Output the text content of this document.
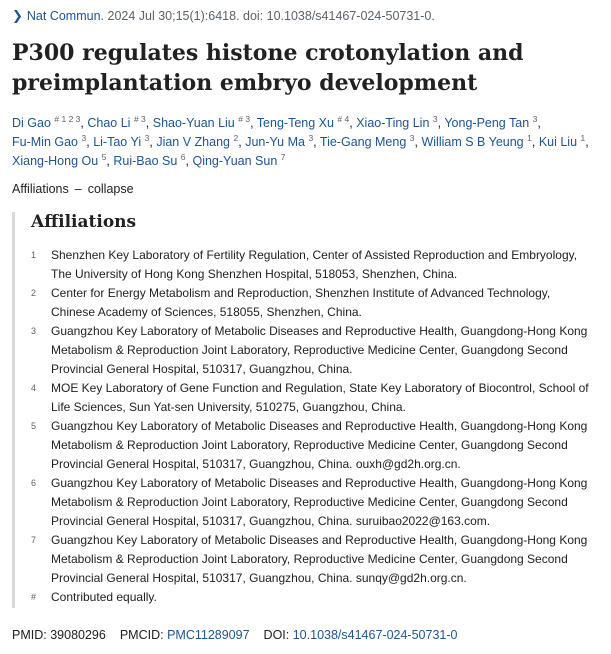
❯ Nat Commun. 2024 Jul 30;15(1):6418. doi: 10.1038/s41467-024-50731-0.
P300 regulates histone crotonylation and preimplantation embryo development
Di Gao $^{\# 1 2 3}$, Chao Li $^{\# 3}$, Shao-Yuan Liu $^{\# 3}$, Teng-Teng Xu $^{\# 4}$, Xiao-Ting Lin $^3$, Yong-Peng Tan $^3$, Fu-Min Gao $^3$, Li-Tao Yi $^3$, Jian V Zhang $^2$, Jun-Yu Ma $^3$, Tie-Gang Meng $^3$, William S B Yeung $^1$, Kui Liu $^1$, Xiang-Hong Ou $^5$, Rui-Bao Su $^6$, Qing-Yuan Sun $^7$
Affiliations – collapse
Affiliations
1	Shenzhen Key Laboratory of Fertility Regulation, Center of Assisted Reproduction and Embryology, The University of Hong Kong Shenzhen Hospital, 518053, Shenzhen, China.
2	Center for Energy Metabolism and Reproduction, Shenzhen Institute of Advanced Technology, Chinese Academy of Sciences, 518055, Shenzhen, China.
3	Guangzhou Key Laboratory of Metabolic Diseases and Reproductive Health, Guangdong-Hong Kong Metabolism & Reproduction Joint Laboratory, Reproductive Medicine Center, Guangdong Second Provincial General Hospital, 510317, Guangzhou, China.
4	MOE Key Laboratory of Gene Function and Regulation, State Key Laboratory of Biocontrol, School of Life Sciences, Sun Yat-sen University, 510275, Guangzhou, China.
5	Guangzhou Key Laboratory of Metabolic Diseases and Reproductive Health, Guangdong-Hong Kong Metabolism & Reproduction Joint Laboratory, Reproductive Medicine Center, Guangdong Second Provincial General Hospital, 510317, Guangzhou, China. ouxh@gd2h.org.cn.
6	Guangzhou Key Laboratory of Metabolic Diseases and Reproductive Health, Guangdong-Hong Kong Metabolism & Reproduction Joint Laboratory, Reproductive Medicine Center, Guangdong Second Provincial General Hospital, 510317, Guangzhou, China. suruibao2022@163.com.
7	Guangzhou Key Laboratory of Metabolic Diseases and Reproductive Health, Guangdong-Hong Kong Metabolism & Reproduction Joint Laboratory, Reproductive Medicine Center, Guangdong Second Provincial General Hospital, 510317, Guangzhou, China. sunqy@gd2h.org.cn.
#	Contributed equally.
PMID: 39080296 PMCID: PMC11289097 DOI: 10.1038/s41467-024-50731-0
